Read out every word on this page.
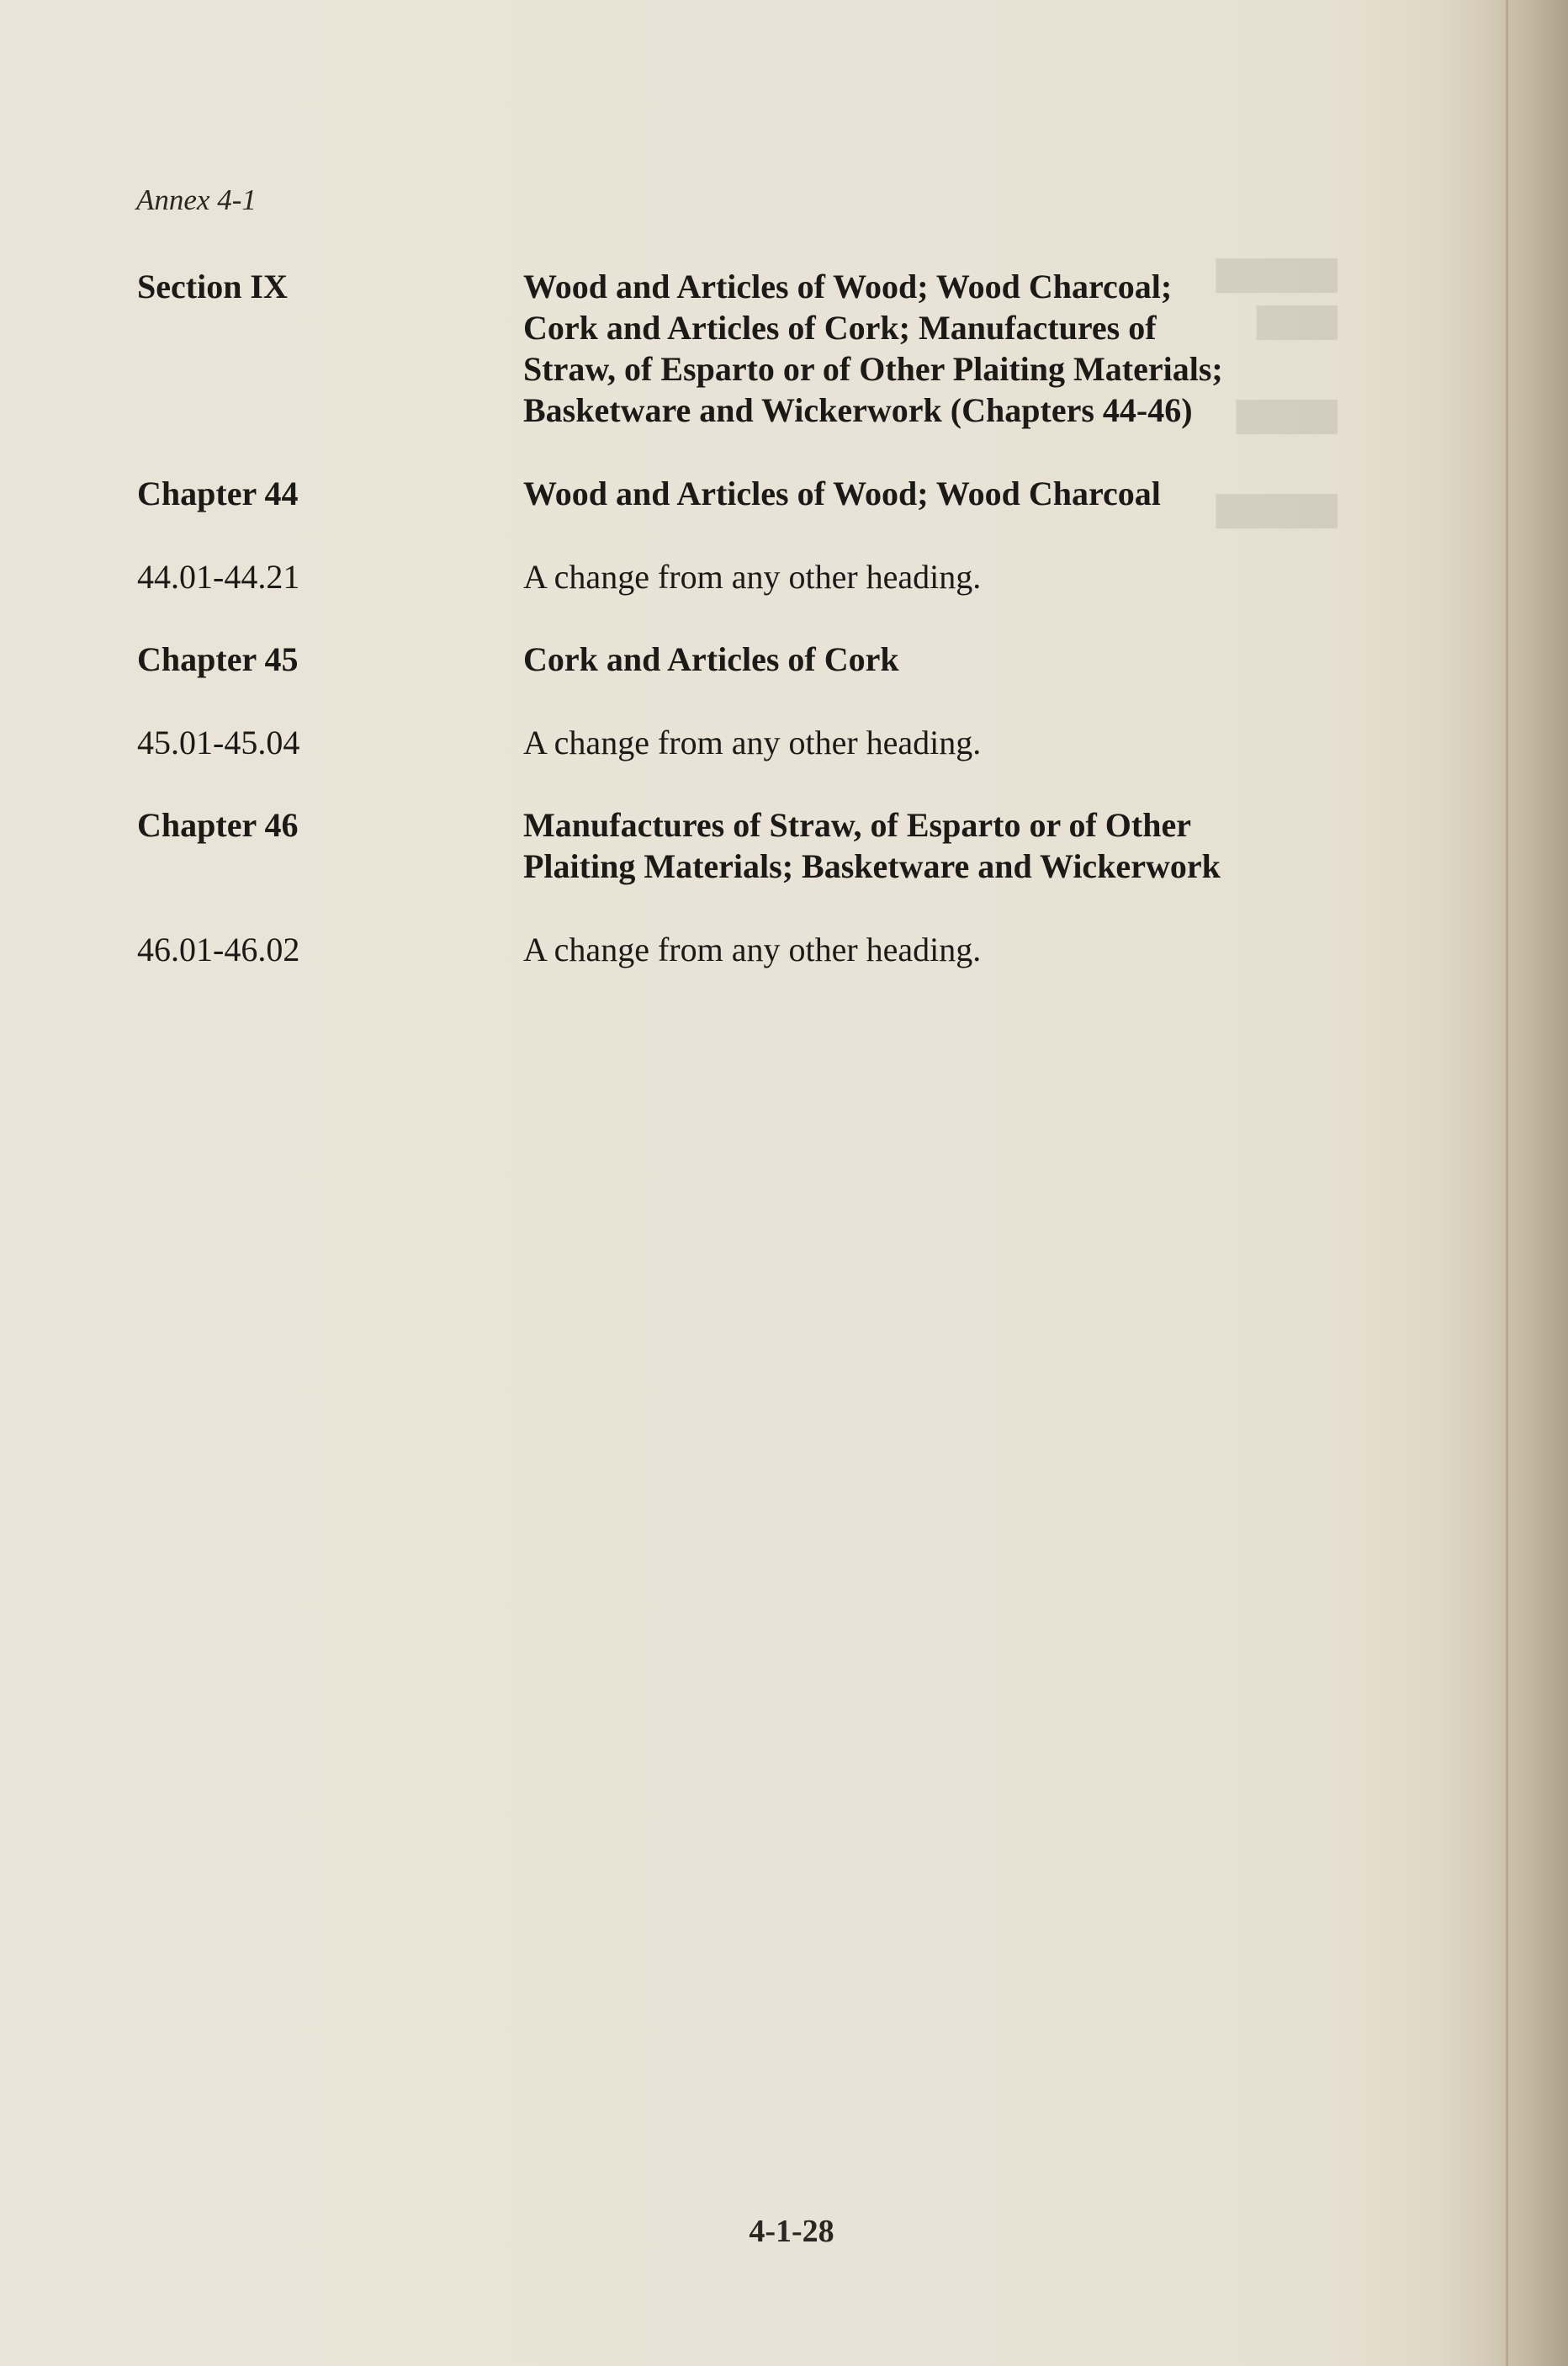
██████
████

█████

██████
Annex 4-1
Section IX	Wood and Articles of Wood; Wood Charcoal;
Cork and Articles of Cork; Manufactures of
Straw, of Esparto or of Other Plaiting Materials;
Basketware and Wickerwork (Chapters 44-46)
Chapter 44	Wood and Articles of Wood; Wood Charcoal
44.01-44.21	A change from any other heading.
Chapter 45	Cork and Articles of Cork
45.01-45.04	A change from any other heading.
Chapter 46	Manufactures of Straw, of Esparto or of Other
Plaiting Materials; Basketware and Wickerwork
46.01-46.02	A change from any other heading.
4-1-28
